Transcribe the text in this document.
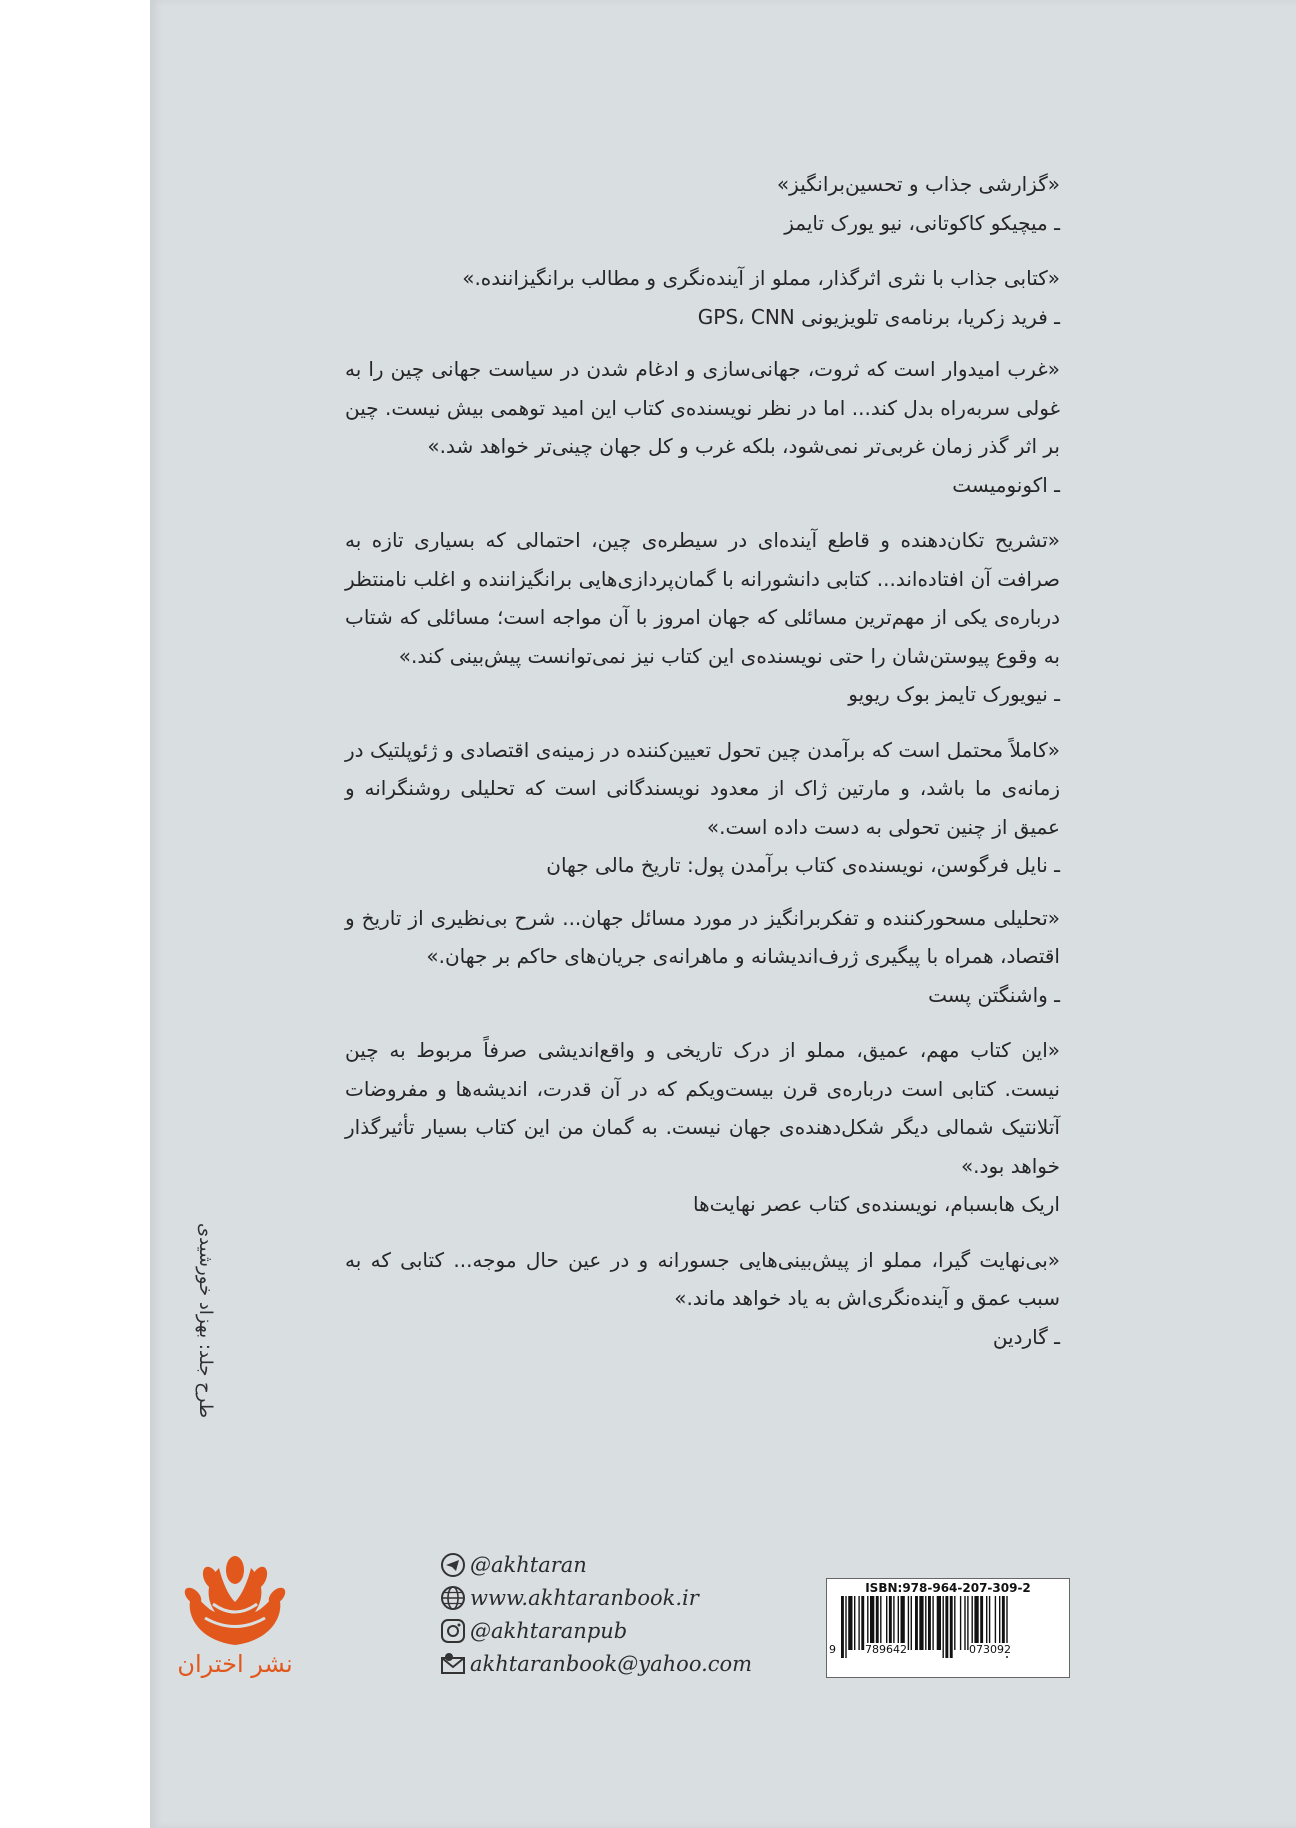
«گزارشی جذاب و تحسین‌برانگیز»

ـ میچیکو کاکوتانی، نیو یورک تایمز

«کتابی جذاب با نثری اثرگذار، مملو از آینده‌نگری و مطالب برانگیزاننده.»

ـ فرید زکریا، برنامه‌ی تلویزیونی GPS، CNN

«غرب امیدوار است که ثروت، جهانی‌سازی و ادغام شدن در سیاست جهانی چین را به غولی سربه‌راه بدل کند... اما در نظر نویسنده‌ی کتاب این امید توهمی بیش نیست. چین بر اثر گذر زمان غربی‌تر نمی‌شود، بلکه غرب و کل جهان چینی‌تر خواهد شد.»

ـ اکونومیست

«تشریح تکان‌دهنده و قاطع آینده‌ای در سیطره‌ی چین، احتمالی که بسیاری تازه به صرافت آن افتاده‌اند... کتابی دانشورانه با گمان‌پردازی‌هایی برانگیزاننده و اغلب نامنتظر درباره‌ی یکی از مهم‌ترین مسائلی که جهان امروز با آن مواجه است؛ مسائلی که شتاب به وقوع پیوستن‌شان را حتی نویسنده‌ی این کتاب نیز نمی‌توانست پیش‌بینی کند.»

ـ نیویورک تایمز بوک ریویو

«کاملاً محتمل است که برآمدن چین تحول تعیین‌کننده در زمینه‌ی اقتصادی و ژئوپلتیک در زمانه‌ی ما باشد، و مارتین ژاک از معدود نویسندگانی است که تحلیلی روشنگرانه و عمیق از چنین تحولی به دست داده است.»

ـ نایل فرگوسن، نویسنده‌ی کتاب برآمدن پول: تاریخ مالی جهان

«تحلیلی مسحورکننده و تفکربرانگیز در مورد مسائل جهان... شرح بی‌نظیری از تاریخ و اقتصاد، همراه با پیگیری ژرف‌اندیشانه و ماهرانه‌ی جریان‌های حاکم بر جهان.»

ـ واشنگتن پست

«این کتاب مهم، عمیق، مملو از درک تاریخی و واقع‌اندیشی صرفاً مربوط به چین نیست. کتابی است درباره‌ی قرن بیست‌ویکم که در آن قدرت، اندیشه‌ها و مفروضات آتلانتیک شمالی دیگر شکل‌دهنده‌ی جهان نیست. به گمان من این کتاب بسیار تأثیرگذار خواهد بود.»

اریک هابسبام، نویسنده‌ی کتاب عصر نهایت‌ها

«بی‌نهایت گیرا، مملو از پیش‌بینی‌هایی جسورانه و در عین حال موجه... کتابی که به سبب عمق و آینده‌نگری‌اش به یاد خواهد ماند.»

ـ گاردین

طرح جلد: بهزاد خورشیدی
نشر اختران
@akhtaran
www.akhtaranbook.ir
@akhtaranpub
akhtaranbook@yahoo.com
ISBN:978-964-207-309-2
9	789642	073092
